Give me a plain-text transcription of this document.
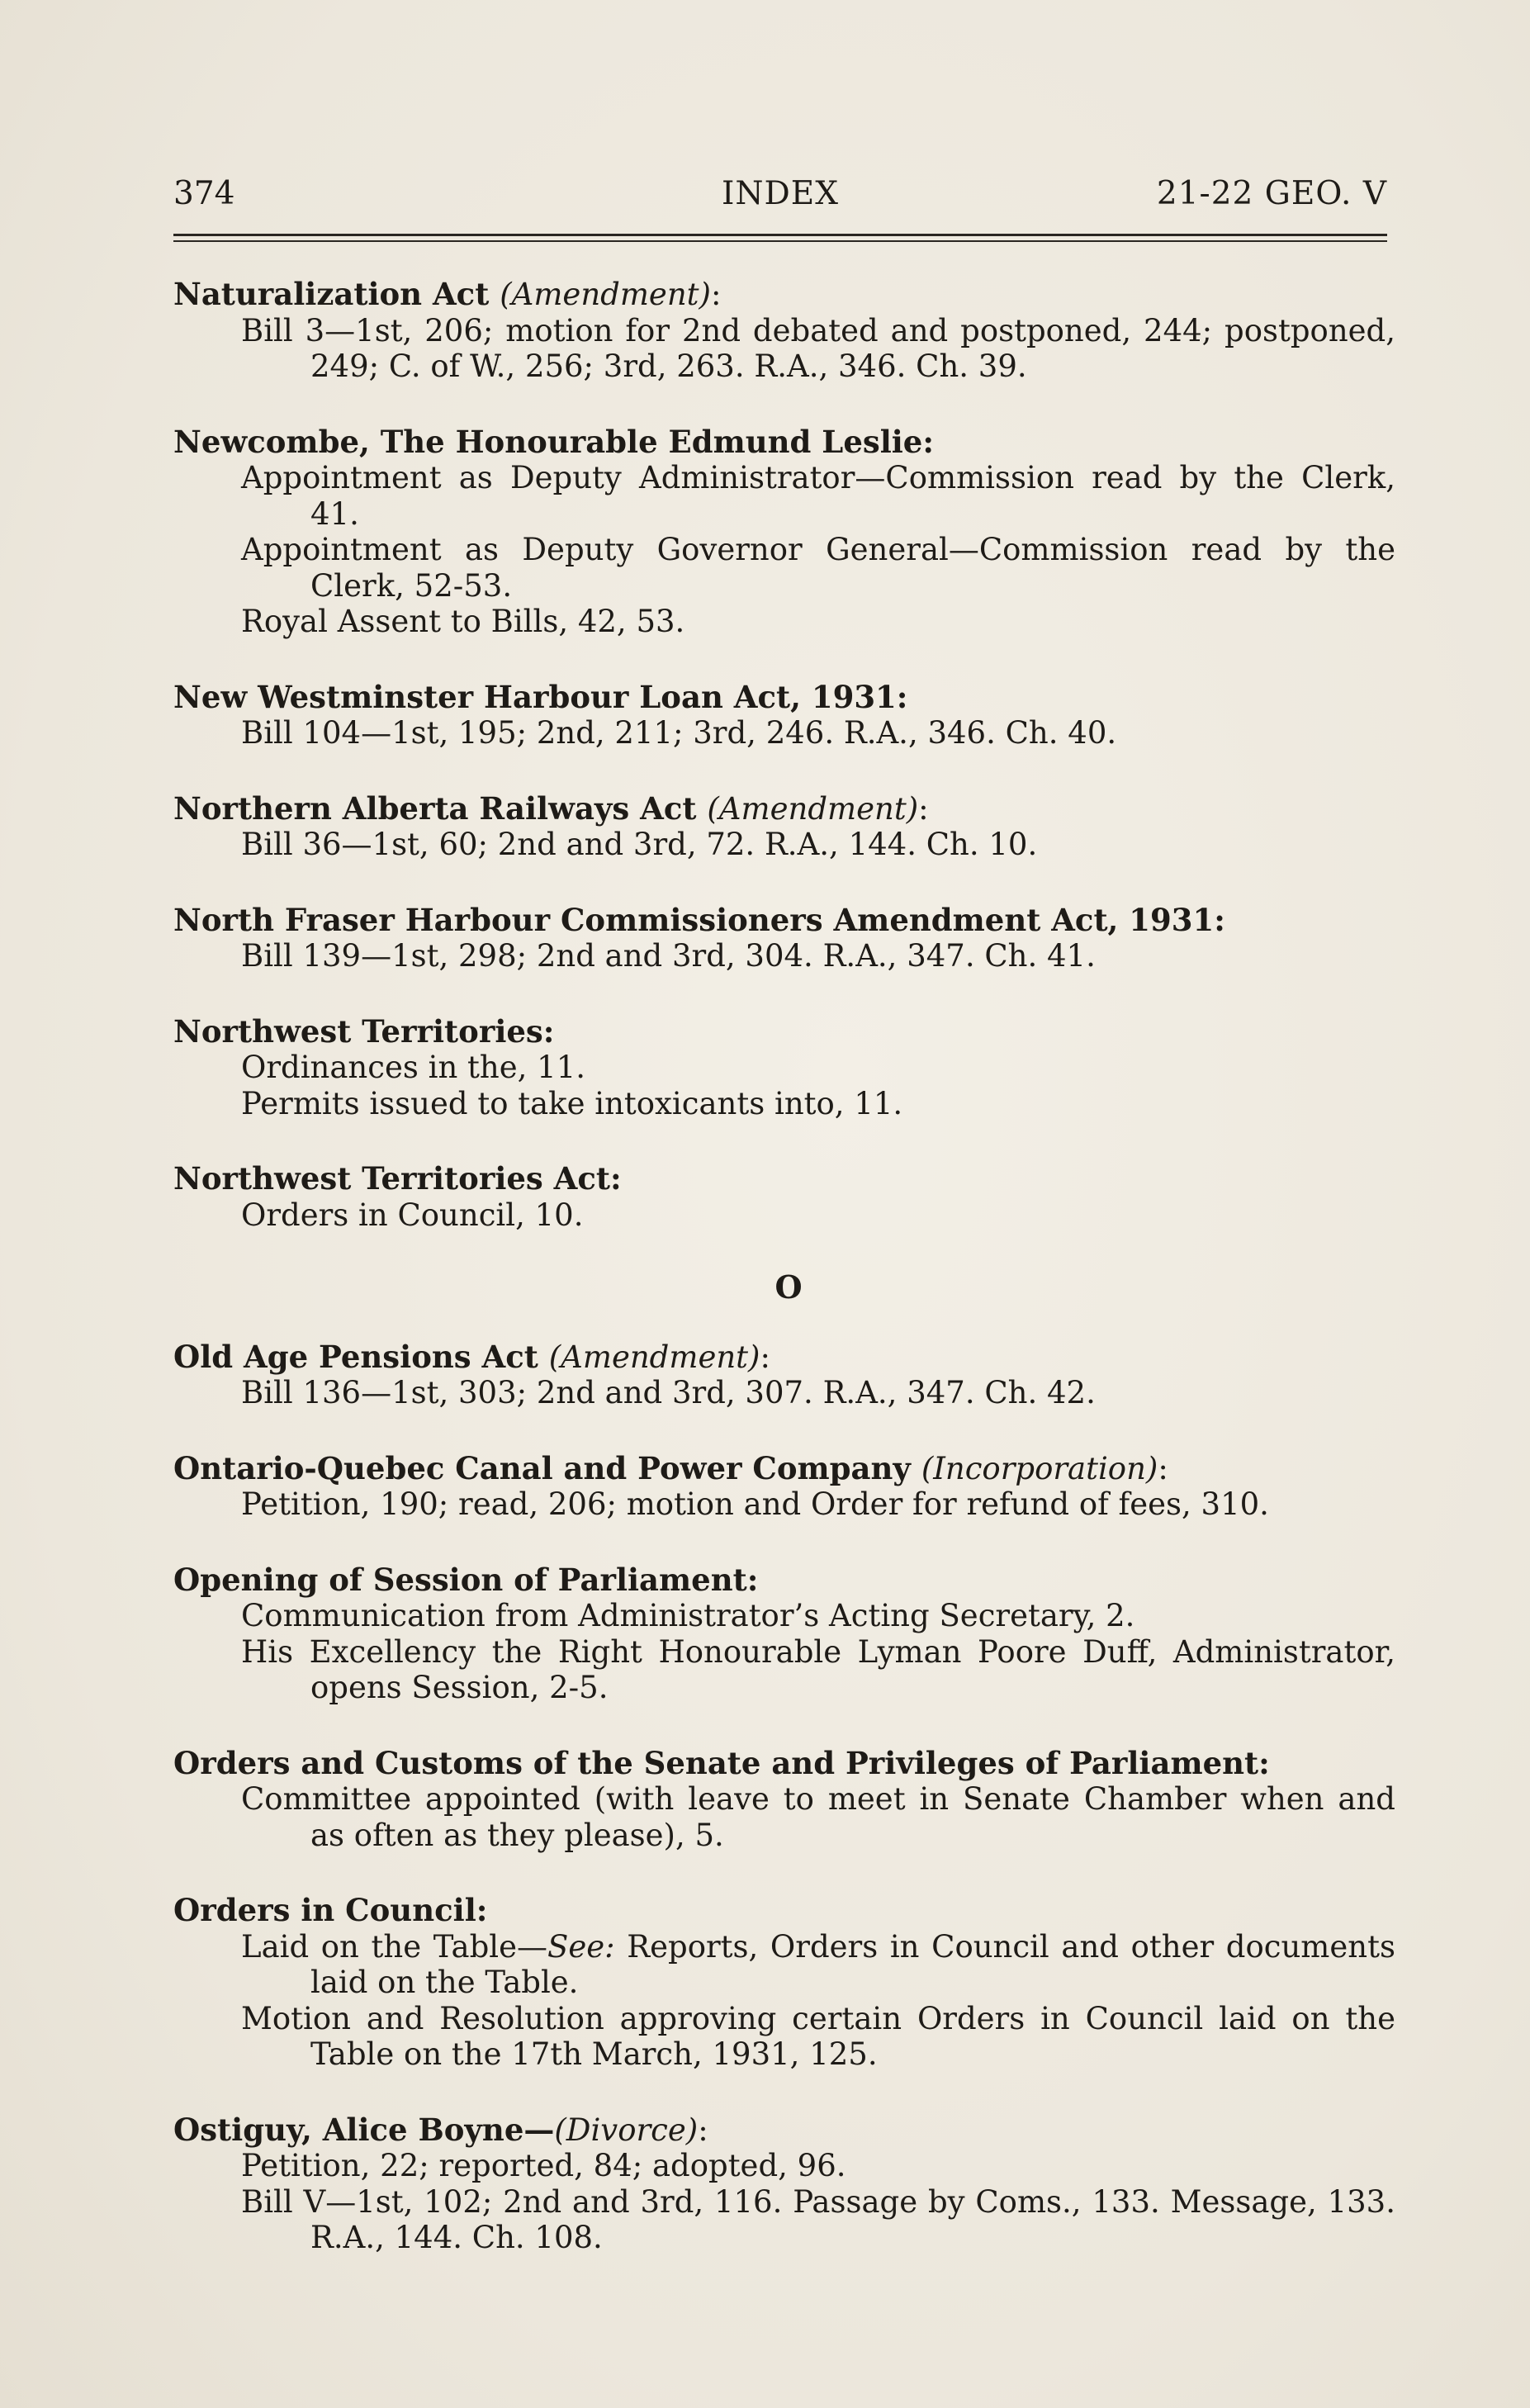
374	INDEX	21-22 GEO. V

Naturalization Act (Amendment):

Bill 3—1st, 206; motion for 2nd debated and postponed, 244; postponed, 249; C. of W., 256; 3rd, 263. R.A., 346. Ch. 39.

Newcombe, The Honourable Edmund Leslie:

Appointment as Deputy Administrator—Commission read by the Clerk, 41.

Appointment as Deputy Governor General—Commission read by the Clerk, 52-53.

Royal Assent to Bills, 42, 53.

New Westminster Harbour Loan Act, 1931:

Bill 104—1st, 195; 2nd, 211; 3rd, 246. R.A., 346. Ch. 40.

Northern Alberta Railways Act (Amendment):

Bill 36—1st, 60; 2nd and 3rd, 72. R.A., 144. Ch. 10.

North Fraser Harbour Commissioners Amendment Act, 1931:

Bill 139—1st, 298; 2nd and 3rd, 304. R.A., 347. Ch. 41.

Northwest Territories:

Ordinances in the, 11.

Permits issued to take intoxicants into, 11.

Northwest Territories Act:

Orders in Council, 10.

O

Old Age Pensions Act (Amendment):

Bill 136—1st, 303; 2nd and 3rd, 307. R.A., 347. Ch. 42.

Ontario-Quebec Canal and Power Company (Incorporation):

Petition, 190; read, 206; motion and Order for refund of fees, 310.

Opening of Session of Parliament:

Communication from Administrator’s Acting Secretary, 2.

His Excellency the Right Honourable Lyman Poore Duff, Administrator, opens Session, 2-5.

Orders and Customs of the Senate and Privileges of Parliament:

Committee appointed (with leave to meet in Senate Chamber when and as often as they please), 5.

Orders in Council:

Laid on the Table—See: Reports, Orders in Council and other documents laid on the Table.

Motion and Resolution approving certain Orders in Council laid on the Table on the 17th March, 1931, 125.

Ostiguy, Alice Boyne—(Divorce):

Petition, 22; reported, 84; adopted, 96.

Bill V—1st, 102; 2nd and 3rd, 116. Passage by Coms., 133. Message, 133. R.A., 144. Ch. 108.
